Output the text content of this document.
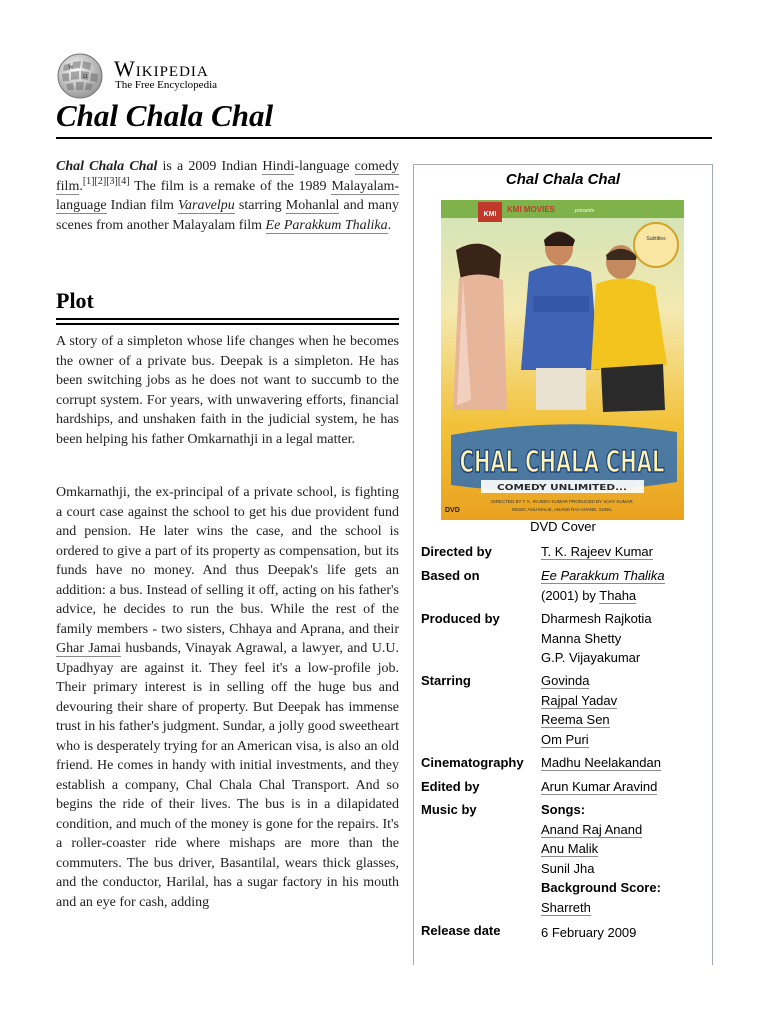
W
Ω Wikipedia
The Free Encyclopedia
Chal Chala Chal
Chal Chala Chal is a 2009 Indian Hindi-language comedy film.[1][2][3][4] The film is a remake of the 1989 Malayalam-language Indian film Varavelpu starring Mohanlal and many scenes from another Malayalam film Ee Parakkum Thalika.
Plot
A story of a simpleton whose life changes when he becomes the owner of a private bus. Deepak is a simpleton. He has been switching jobs as he does not want to succumb to the corrupt system. For years, with unwavering efforts, financial hardships, and unshaken faith in the judicial system, he has been helping his father Omkarnathji in a legal matter.
Omkarnathji, the ex-principal of a private school, is fighting a court case against the school to get his due provident fund and pension. He later wins the case, and the school is ordered to give a part of its property as compensation, but its funds have no money. And thus Deepak's life gets an addition: a bus. Instead of selling it off, acting on his father's advice, he decides to run the bus. While the rest of the family members - two sisters, Chhaya and Aprana, and their Ghar Jamai husbands, Vinayak Agrawal, a lawyer, and U.U. Upadhyay are against it. They feel it's a low-profile job. Their primary interest is in selling off the huge bus and devouring their share of property. But Deepak has immense trust in his father's judgment. Sundar, a jolly good sweetheart who is desperately trying for an American visa, is also an old friend. He comes in handy with initial investments, and they establish a company, Chal Chala Chal Transport. And so begins the ride of their lives. The bus is in a dilapidated condition, and much of the money is gone for the repairs. It's a roller-coaster ride where mishaps are more than the commuters. The bus driver, Basantilal, wears thick glasses, and the conductor, Harilal, has a sugar factory in his mouth and an eye for cash, adding
Chal Chala Chal
KMI
KMI MOVIES	presents
Subtitles
CHAL CHALA CHAL
COMEDY UNLIMITED...
DIRECTED BY T. K. RAJEEV KUMAR PRODUCED BY VIJAY KUMAR
MUSIC ANU MALIK, ANAND RAJ ANAND, SUNIL
DVD
DVD Cover
Directed by	T. K. Rajeev Kumar
Based on	Ee Parakkum Thalika
(2001) by Thaha
Produced by	Dharmesh Rajkotia
Manna Shetty
G.P. Vijayakumar
Starring	Govinda
Rajpal Yadav
Reema Sen
Om Puri
Cinematography Madhu Neelakandan
Edited by	Arun Kumar Aravind
Music by	Songs:
Anand Raj Anand
Anu Malik
Sunil Jha
Background Score:
Sharreth
Release date	6 February 2009
